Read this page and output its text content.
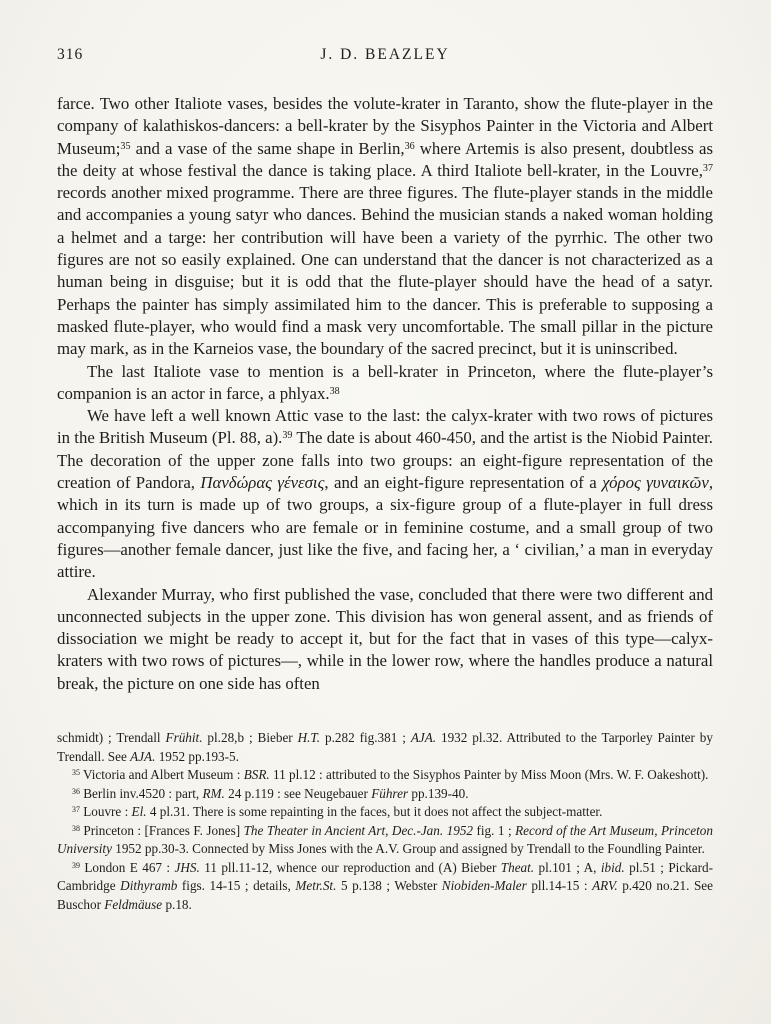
316	J. D. BEAZLEY

farce. Two other Italiote vases, besides the volute-krater in Taranto, show the flute-player in the company of kalathiskos-dancers: a bell-krater by the Sisyphos Painter in the Victoria and Albert Museum;$^{35}$ and a vase of the same shape in Berlin,$^{36}$ where Artemis is also present, doubtless as the deity at whose festival the dance is taking place. A third Italiote bell-krater, in the Louvre,$^{37}$ records another mixed programme. There are three figures. The flute-player stands in the middle and accompanies a young satyr who dances. Behind the musician stands a naked woman holding a helmet and a targe: her contribution will have been a variety of the pyrrhic. The other two figures are not so easily explained. One can understand that the dancer is not characterized as a human being in disguise; but it is odd that the flute-player should have the head of a satyr. Perhaps the painter has simply assimilated him to the dancer. This is preferable to supposing a masked flute-player, who would find a mask very uncomfortable. The small pillar in the picture may mark, as in the Karneios vase, the boundary of the sacred precinct, but it is uninscribed.

The last Italiote vase to mention is a bell-krater in Princeton, where the flute-player’s companion is an actor in farce, a phlyax.$^{38}$

We have left a well known Attic vase to the last: the calyx-krater with two rows of pictures in the British Museum (Pl. 88, a).$^{39}$ The date is about 460-450, and the artist is the Niobid Painter. The decoration of the upper zone falls into two groups: an eight-figure representation of the creation of Pandora, Πανδώρας γένεσις, and an eight-figure representation of a χόρος γυναικῶν, which in its turn is made up of two groups, a six-figure group of a flute-player in full dress accompanying five dancers who are female or in feminine costume, and a small group of two figures—another female dancer, just like the five, and facing her, a ‘ civilian,’ a man in everyday attire.

Alexander Murray, who first published the vase, concluded that there were two different and unconnected subjects in the upper zone. This division has won general assent, and as friends of dissociation we might be ready to accept it, but for the fact that in vases of this type—calyx-kraters with two rows of pictures—, while in the lower row, where the handles produce a natural break, the picture on one side has often

schmidt) ; Trendall Frühit. pl.28,b ; Bieber H.T. p.282 fig.381 ; AJA. 1932 pl.32. Attributed to the Tarporley Painter by Trendall. See AJA. 1952 pp.193-5.

$^{35}$ Victoria and Albert Museum : BSR. 11 pl.12 : attributed to the Sisyphos Painter by Miss Moon (Mrs. W. F. Oakeshott).

$^{36}$ Berlin inv.4520 : part, RM. 24 p.119 : see Neugebauer Führer pp.139-40.

$^{37}$ Louvre : El. 4 pl.31. There is some repainting in the faces, but it does not affect the subject-matter.

$^{38}$ Princeton : [Frances F. Jones] The Theater in Ancient Art, Dec.-Jan. 1952 fig. 1 ; Record of the Art Museum, Princeton University 1952 pp.30-3. Connected by Miss Jones with the A.V. Group and assigned by Trendall to the Foundling Painter.

$^{39}$ London E 467 : JHS. 11 pll.11-12, whence our reproduction and (A) Bieber Theat. pl.101 ; A, ibid. pl.51 ; Pickard-Cambridge Dithyramb figs. 14-15 ; details, Metr.St. 5 p.138 ; Webster Niobiden-Maler pll.14-15 : ARV. p.420 no.21. See Buschor Feldmäuse p.18.
